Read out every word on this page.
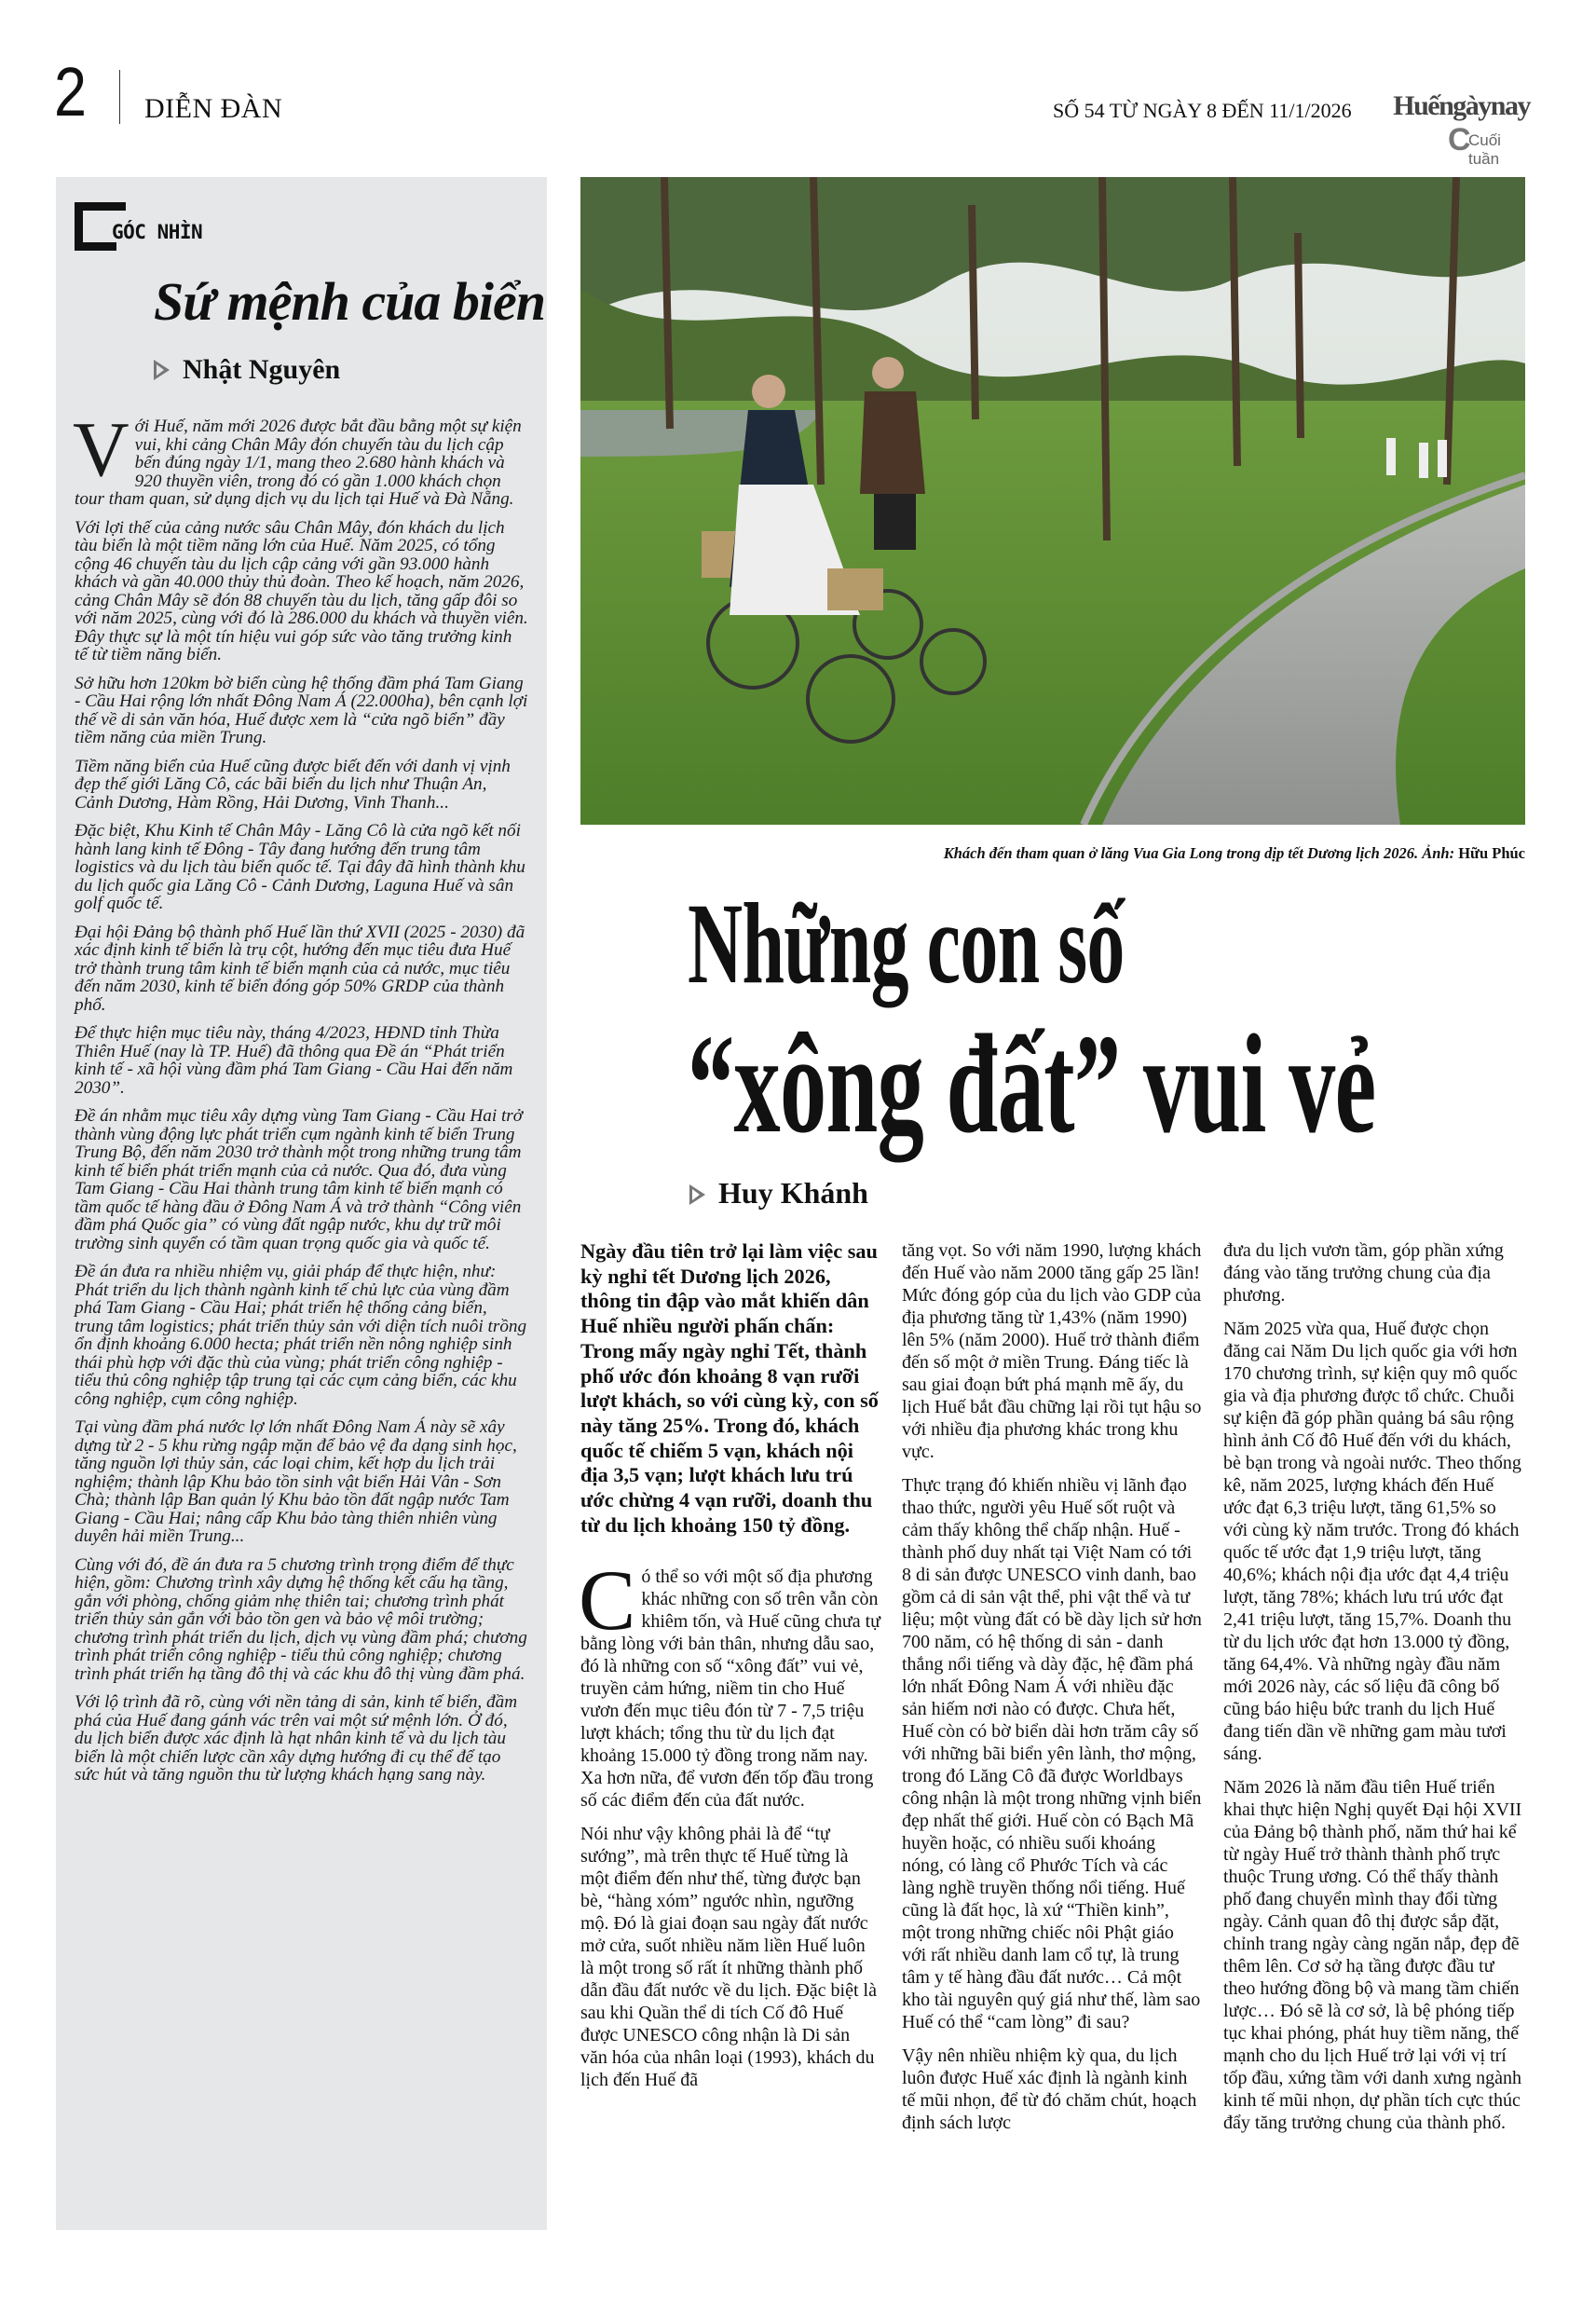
2 DIỄN ĐÀN	SỐ 54 TỪ NGÀY 8 ĐẾN 11/1/2026 Huếngàynay
C
Cuối tuần
GÓC NHÌN
Sứ mệnh của biển
Nhật Nguyên

Với Huế, năm mới 2026 được bắt đầu bằng một sự kiện vui, khi cảng Chân Mây đón chuyến tàu du lịch cập bến đúng ngày 1/1, mang theo 2.680 hành khách và 920 thuyền viên, trong đó có gần 1.000 khách chọn tour tham quan, sử dụng dịch vụ du lịch tại Huế và Đà Nẵng.

Với lợi thế của cảng nước sâu Chân Mây, đón khách du lịch tàu biển là một tiềm năng lớn của Huế. Năm 2025, có tổng cộng 46 chuyến tàu du lịch cập cảng với gần 93.000 hành khách và gần 40.000 thủy thủ đoàn. Theo kế hoạch, năm 2026, cảng Chân Mây sẽ đón 88 chuyến tàu du lịch, tăng gấp đôi so với năm 2025, cùng với đó là 286.000 du khách và thuyền viên. Đây thực sự là một tín hiệu vui góp sức vào tăng trưởng kinh tế từ tiềm năng biển.

Sở hữu hơn 120km bờ biển cùng hệ thống đầm phá Tam Giang - Cầu Hai rộng lớn nhất Đông Nam Á (22.000ha), bên cạnh lợi thế về di sản văn hóa, Huế được xem là “cửa ngõ biển” đầy tiềm năng của miền Trung.

Tiềm năng biển của Huế cũng được biết đến với danh vị vịnh đẹp thế giới Lăng Cô, các bãi biển du lịch như Thuận An, Cảnh Dương, Hàm Rồng, Hải Dương, Vinh Thanh...

Đặc biệt, Khu Kinh tế Chân Mây - Lăng Cô là cửa ngõ kết nối hành lang kinh tế Đông - Tây đang hướng đến trung tâm logistics và du lịch tàu biển quốc tế. Tại đây đã hình thành khu du lịch quốc gia Lăng Cô - Cảnh Dương, Laguna Huế và sân golf quốc tế.

Đại hội Đảng bộ thành phố Huế lần thứ XVII (2025 - 2030) đã xác định kinh tế biển là trụ cột, hướng đến mục tiêu đưa Huế trở thành trung tâm kinh tế biển mạnh của cả nước, mục tiêu đến năm 2030, kinh tế biển đóng góp 50% GRDP của thành phố.

Để thực hiện mục tiêu này, tháng 4/2023, HĐND tỉnh Thừa Thiên Huế (nay là TP. Huế) đã thông qua Đề án “Phát triển kinh tế - xã hội vùng đầm phá Tam Giang - Cầu Hai đến năm 2030”.

Đề án nhằm mục tiêu xây dựng vùng Tam Giang - Cầu Hai trở thành vùng động lực phát triển cụm ngành kinh tế biển Trung Trung Bộ, đến năm 2030 trở thành một trong những trung tâm kinh tế biển phát triển mạnh của cả nước. Qua đó, đưa vùng Tam Giang - Cầu Hai thành trung tâm kinh tế biển mạnh có tầm quốc tế hàng đầu ở Đông Nam Á và trở thành “Công viên đầm phá Quốc gia” có vùng đất ngập nước, khu dự trữ môi trường sinh quyển có tầm quan trọng quốc gia và quốc tế.

Đề án đưa ra nhiều nhiệm vụ, giải pháp để thực hiện, như: Phát triển du lịch thành ngành kinh tế chủ lực của vùng đầm phá Tam Giang - Cầu Hai; phát triển hệ thống cảng biển, trung tâm logistics; phát triển thủy sản với diện tích nuôi trồng ổn định khoảng 6.000 hecta; phát triển nền nông nghiệp sinh thái phù hợp với đặc thù của vùng; phát triển công nghiệp - tiểu thủ công nghiệp tập trung tại các cụm cảng biển, các khu công nghiệp, cụm công nghiệp.

Tại vùng đầm phá nước lợ lớn nhất Đông Nam Á này sẽ xây dựng từ 2 - 5 khu rừng ngập mặn để bảo vệ đa dạng sinh học, tăng nguồn lợi thủy sản, các loại chim, kết hợp du lịch trải nghiệm; thành lập Khu bảo tồn sinh vật biển Hải Vân - Sơn Chà; thành lập Ban quản lý Khu bảo tồn đất ngập nước Tam Giang - Cầu Hai; nâng cấp Khu bảo tàng thiên nhiên vùng duyên hải miền Trung...

Cùng với đó, đề án đưa ra 5 chương trình trọng điểm để thực hiện, gồm: Chương trình xây dựng hệ thống kết cấu hạ tầng, gắn với phòng, chống giảm nhẹ thiên tai; chương trình phát triển thủy sản gắn với bảo tồn gen và bảo vệ môi trường; chương trình phát triển du lịch, dịch vụ vùng đầm phá; chương trình phát triển công nghiệp - tiểu thủ công nghiệp; chương trình phát triển hạ tầng đô thị và các khu đô thị vùng đầm phá.

Với lộ trình đã rõ, cùng với nền tảng di sản, kinh tế biển, đầm phá của Huế đang gánh vác trên vai một sứ mệnh lớn. Ở đó, du lịch biển được xác định là hạt nhân kinh tế và du lịch tàu biển là một chiến lược cần xây dựng hướng đi cụ thể để tạo sức hút và tăng nguồn thu từ lượng khách hạng sang này.

Khách đến tham quan ở lăng Vua Gia Long trong dịp tết Dương lịch 2026. Ảnh: Hữu Phúc
Những con số
“xông đất” vui vẻ
Huy Khánh

Ngày đầu tiên trở lại làm việc sau kỳ nghỉ tết Dương lịch 2026, thông tin đập vào mắt khiến dân Huế nhiều người phấn chấn: Trong mấy ngày nghỉ Tết, thành phố ước đón khoảng 8 vạn rưỡi lượt khách, so với cùng kỳ, con số này tăng 25%. Trong đó, khách quốc tế chiếm 5 vạn, khách nội địa 3,5 vạn; lượt khách lưu trú ước chừng 4 vạn rưỡi, doanh thu từ du lịch khoảng 150 tỷ đồng.

Có thể so với một số địa phương khác những con số trên vẫn còn khiêm tốn, và Huế cũng chưa tự bằng lòng với bản thân, nhưng dẫu sao, đó là những con số “xông đất” vui vẻ, truyền cảm hứng, niềm tin cho Huế vươn đến mục tiêu đón từ 7 - 7,5 triệu lượt khách; tổng thu từ du lịch đạt khoảng 15.000 tỷ đồng trong năm nay. Xa hơn nữa, để vươn đến tốp đầu trong số các điểm đến của đất nước.

Nói như vậy không phải là để “tự sướng”, mà trên thực tế Huế từng là một điểm đến như thế, từng được bạn bè, “hàng xóm” ngước nhìn, ngưỡng mộ. Đó là giai đoạn sau ngày đất nước mở cửa, suốt nhiều năm liền Huế luôn là một trong số rất ít những thành phố dẫn đầu đất nước về du lịch. Đặc biệt là sau khi Quần thể di tích Cố đô Huế được UNESCO công nhận là Di sản văn hóa của nhân loại (1993), khách du lịch đến Huế đã

tăng vọt. So với năm 1990, lượng khách đến Huế vào năm 2000 tăng gấp 25 lần! Mức đóng góp của du lịch vào GDP của địa phương tăng từ 1,43% (năm 1990) lên 5% (năm 2000). Huế trở thành điểm đến số một ở miền Trung. Đáng tiếc là sau giai đoạn bứt phá mạnh mẽ ấy, du lịch Huế bắt đầu chững lại rồi tụt hậu so với nhiều địa phương khác trong khu vực.

Thực trạng đó khiến nhiều vị lãnh đạo thao thức, người yêu Huế sốt ruột và cảm thấy không thể chấp nhận. Huế - thành phố duy nhất tại Việt Nam có tới 8 di sản được UNESCO vinh danh, bao gồm cả di sản vật thể, phi vật thể và tư liệu; một vùng đất có bề dày lịch sử hơn 700 năm, có hệ thống di sản - danh thắng nổi tiếng và dày đặc, hệ đầm phá lớn nhất Đông Nam Á với nhiều đặc sản hiếm nơi nào có được. Chưa hết, Huế còn có bờ biển dài hơn trăm cây số với những bãi biển yên lành, thơ mộng, trong đó Lăng Cô đã được Worldbays công nhận là một trong những vịnh biển đẹp nhất thế giới. Huế còn có Bạch Mã huyền hoặc, có nhiều suối khoáng nóng, có làng cổ Phước Tích và các làng nghề truyền thống nổi tiếng. Huế cũng là đất học, là xứ “Thiền kinh”, một trong những chiếc nôi Phật giáo với rất nhiều danh lam cổ tự, là trung tâm y tế hàng đầu đất nước… Cả một kho tài nguyên quý giá như thế, làm sao Huế có thể “cam lòng” đi sau?

Vậy nên nhiều nhiệm kỳ qua, du lịch luôn được Huế xác định là ngành kinh tế mũi nhọn, để từ đó chăm chút, hoạch định sách lược

đưa du lịch vươn tầm, góp phần xứng đáng vào tăng trưởng chung của địa phương.

Năm 2025 vừa qua, Huế được chọn đăng cai Năm Du lịch quốc gia với hơn 170 chương trình, sự kiện quy mô quốc gia và địa phương được tổ chức. Chuỗi sự kiện đã góp phần quảng bá sâu rộng hình ảnh Cố đô Huế đến với du khách, bè bạn trong và ngoài nước. Theo thống kê, năm 2025, lượng khách đến Huế ước đạt 6,3 triệu lượt, tăng 61,5% so với cùng kỳ năm trước. Trong đó khách quốc tế ước đạt 1,9 triệu lượt, tăng 40,6%; khách nội địa ước đạt 4,4 triệu lượt, tăng 78%; khách lưu trú ước đạt 2,41 triệu lượt, tăng 15,7%. Doanh thu từ du lịch ước đạt hơn 13.000 tỷ đồng, tăng 64,4%. Và những ngày đầu năm mới 2026 này, các số liệu đã công bố cũng báo hiệu bức tranh du lịch Huế đang tiến dần về những gam màu tươi sáng.

Năm 2026 là năm đầu tiên Huế triển khai thực hiện Nghị quyết Đại hội XVII của Đảng bộ thành phố, năm thứ hai kể từ ngày Huế trở thành thành phố trực thuộc Trung ương. Có thể thấy thành phố đang chuyển mình thay đổi từng ngày. Cảnh quan đô thị được sắp đặt, chỉnh trang ngày càng ngăn nắp, đẹp đẽ thêm lên. Cơ sở hạ tầng được đầu tư theo hướng đồng bộ và mang tầm chiến lược… Đó sẽ là cơ sở, là bệ phóng tiếp tục khai phóng, phát huy tiềm năng, thế mạnh cho du lịch Huế trở lại với vị trí tốp đầu, xứng tầm với danh xưng ngành kinh tế mũi nhọn, dự phần tích cực thúc đẩy tăng trưởng chung của thành phố.
